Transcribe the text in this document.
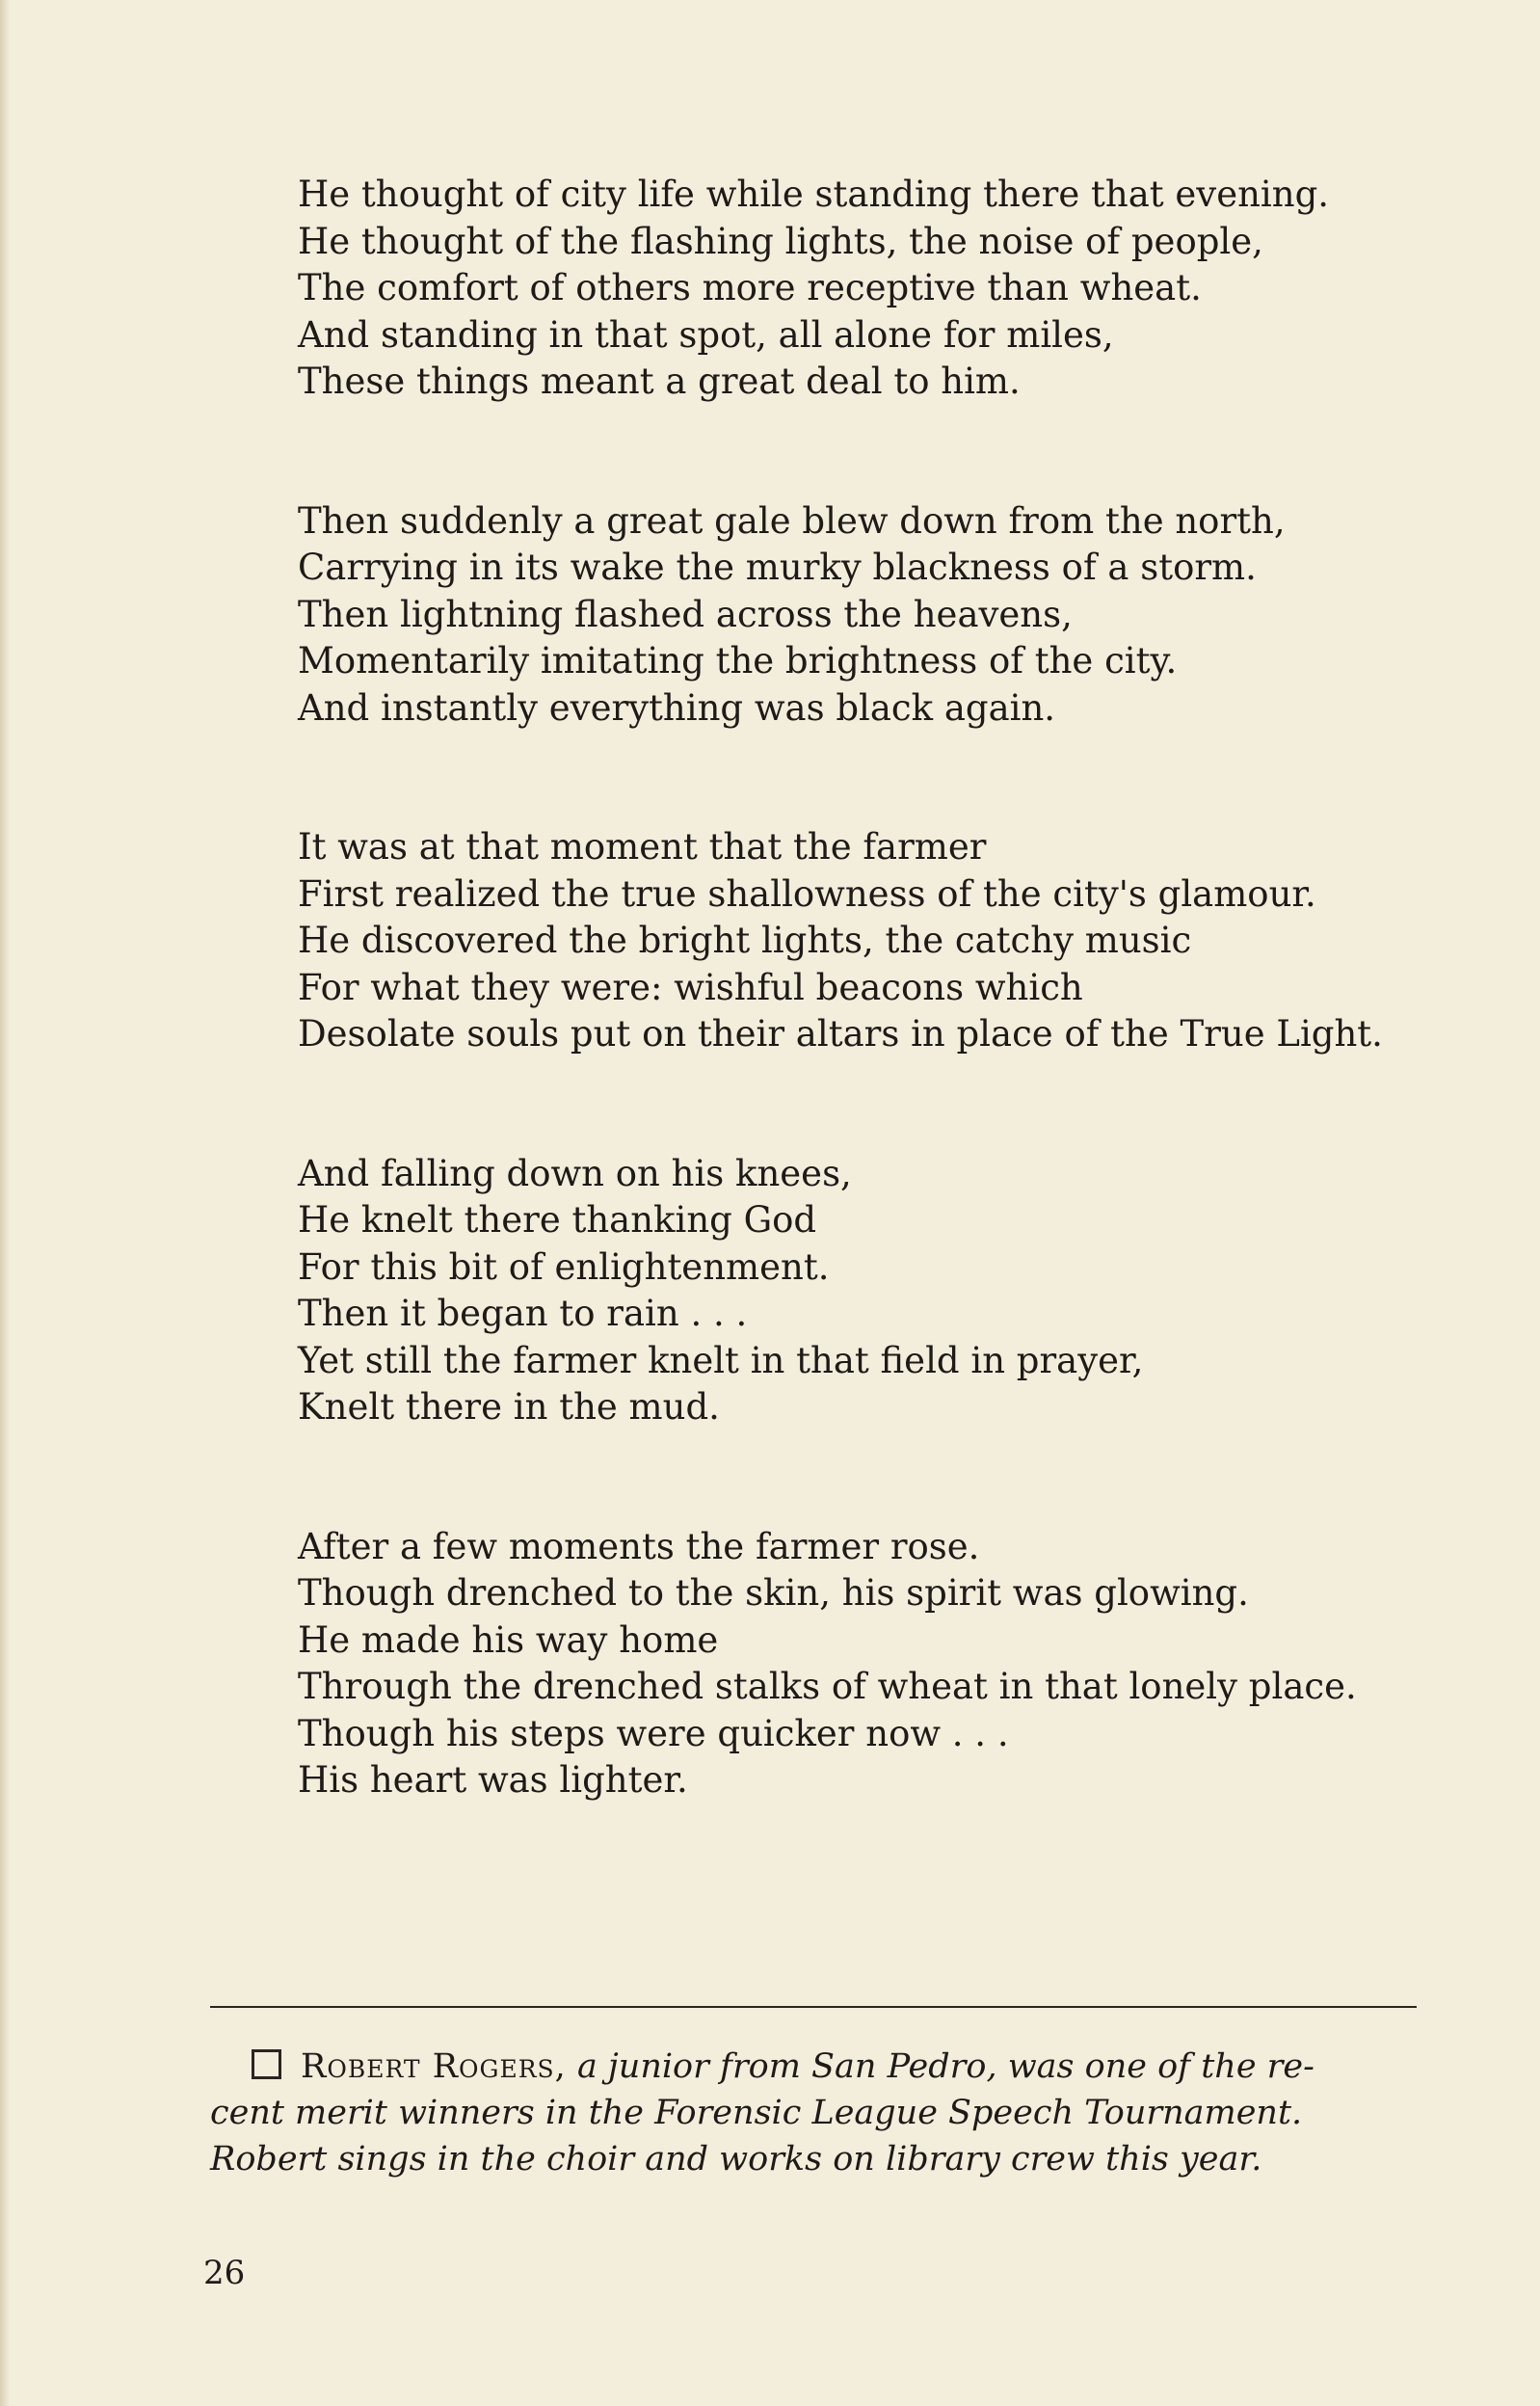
He thought of city life while standing there that evening.
He thought of the flashing lights, the noise of people,
The comfort of others more receptive than wheat.
And standing in that spot, all alone for miles,
These things meant a great deal to him.
Then suddenly a great gale blew down from the north,
Carrying in its wake the murky blackness of a storm.
Then lightning flashed across the heavens,
Momentarily imitating the brightness of the city.
And instantly everything was black again.
It was at that moment that the farmer
First realized the true shallowness of the city's glamour.
He discovered the bright lights, the catchy music
For what they were: wishful beacons which
Desolate souls put on their altars in place of the True Light.
And falling down on his knees,
He knelt there thanking God
For this bit of enlightenment.
Then it began to rain . . .
Yet still the farmer knelt in that field in prayer,
Knelt there in the mud.
After a few moments the farmer rose.
Though drenched to the skin, his spirit was glowing.
He made his way home
Through the drenched stalks of wheat in that lonely place.
Though his steps were quicker now . . .
His heart was lighter.
Robert Rogers, a junior from San Pedro, was one of the re-
cent merit winners in the Forensic League Speech Tournament.
Robert sings in the choir and works on library crew this year.
26
